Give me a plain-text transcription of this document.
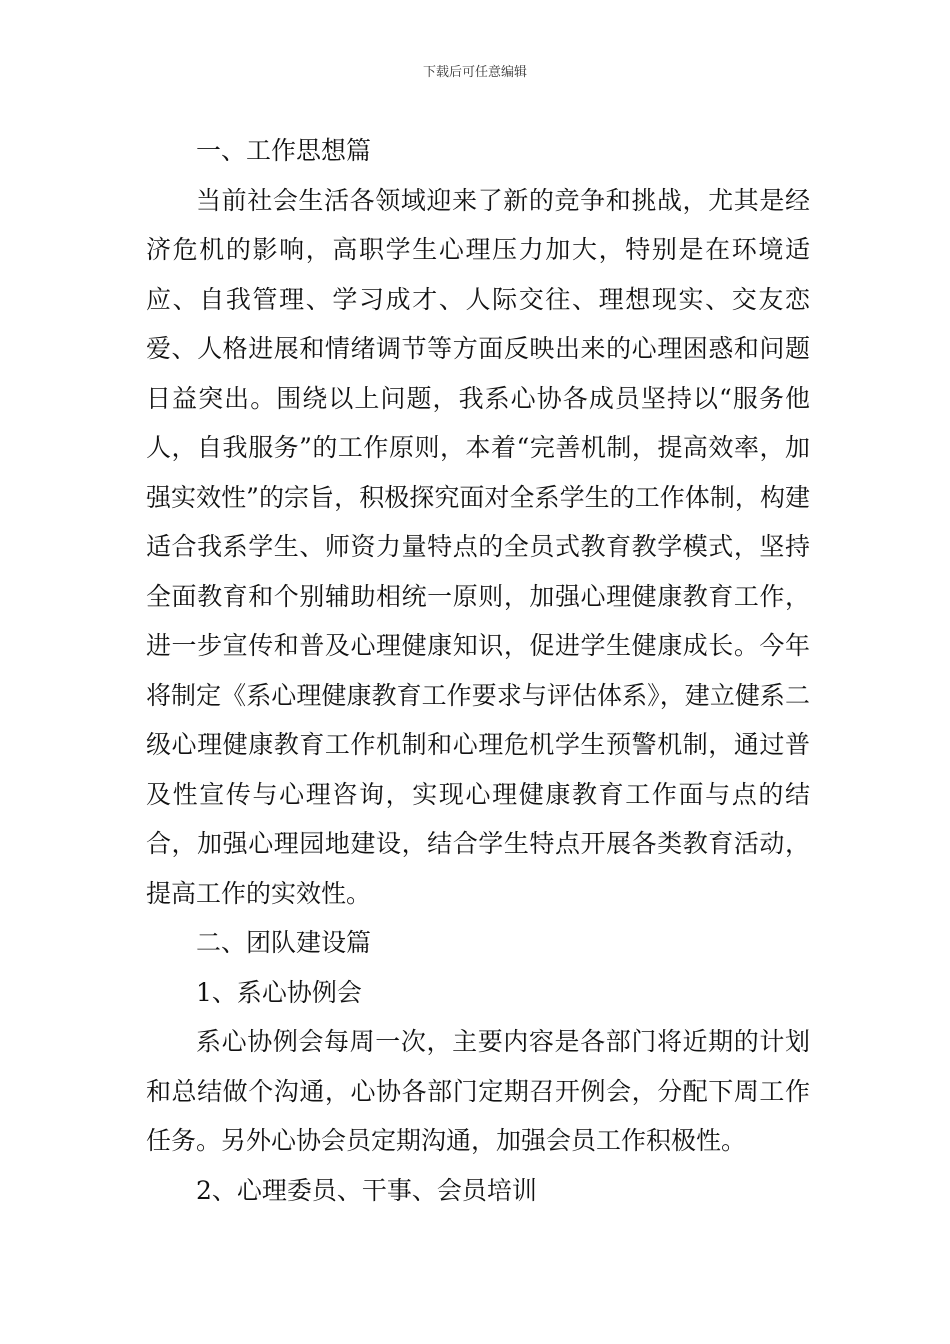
下载后可任意编辑

一、工作思想篇

当前社会生活各领域迎来了新的竞争和挑战，尤其是经济危机的影响，高职学生心理压力加大，特别是在环境适应、自我管理、学习成才、人际交往、理想现实、交友恋爱、人格进展和情绪调节等方面反映出来的心理困惑和问题日益突出。围绕以上问题，我系心协各成员坚持以“服务他人，自我服务”的工作原则，本着“完善机制，提高效率，加强实效性”的宗旨，积极探究面对全系学生的工作体制，构建适合我系学生、师资力量特点的全员式教育教学模式，坚持全面教育和个别辅助相统一原则，加强心理健康教育工作，进一步宣传和普及心理健康知识，促进学生健康成长。今年将制定《系心理健康教育工作要求与评估体系》，建立健系二级心理健康教育工作机制和心理危机学生预警机制，通过普及性宣传与心理咨询，实现心理健康教育工作面与点的结合，加强心理园地建设，结合学生特点开展各类教育活动，提高工作的实效性。

二、团队建设篇

1、系心协例会

系心协例会每周一次，主要内容是各部门将近期的计划和总结做个沟通，心协各部门定期召开例会，分配下周工作任务。另外心协会员定期沟通，加强会员工作积极性。

2、心理委员、干事、会员培训
